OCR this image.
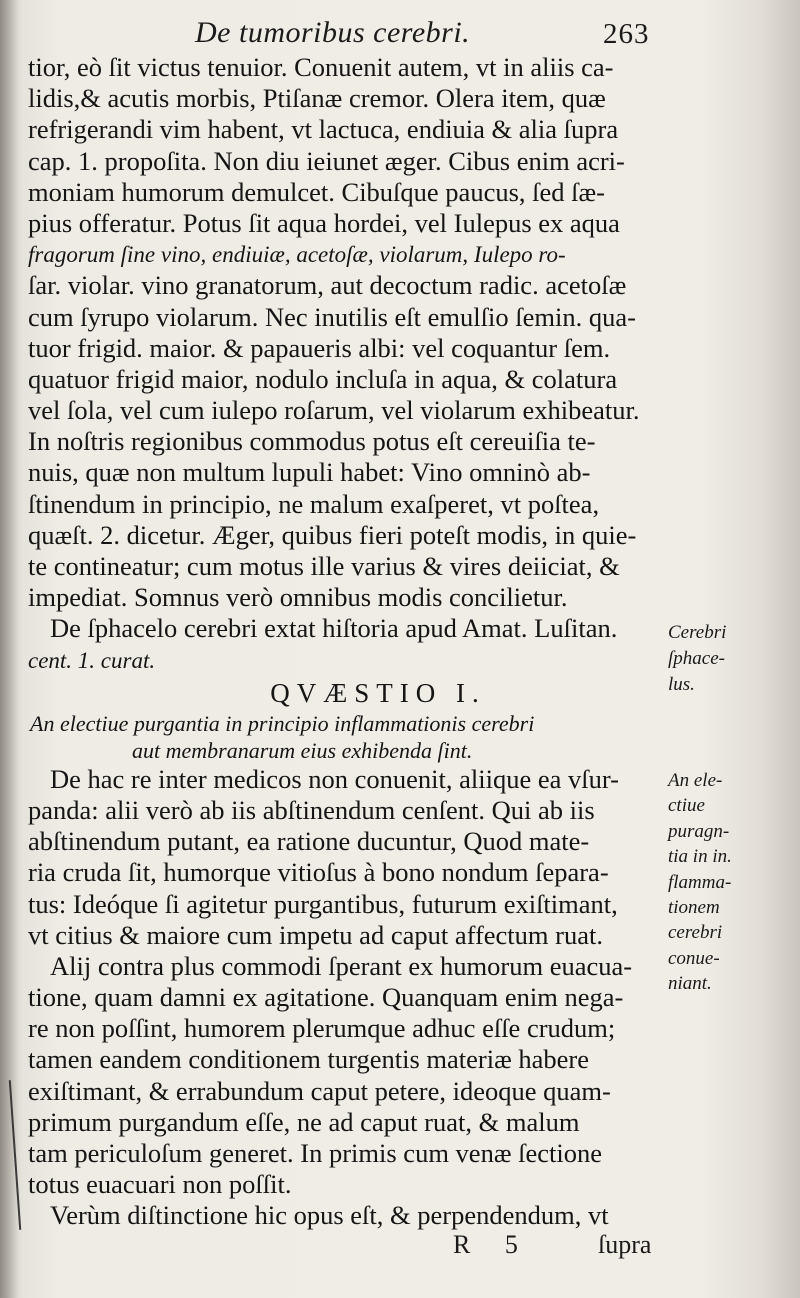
De tumoribus cerebri.	263
tior, eò ſit victus tenuior. Conuenit autem, vt in aliis ca-
lidis,& acutis morbis, Ptiſanæ cremor. Olera item, quæ
refrigerandi vim habent, vt lactuca, endiuia & alia ſupra
cap. 1. propoſita. Non diu ieiunet æger. Cibus enim acri-
moniam humorum demulcet. Cibuſque paucus, ſed ſæ-
pius offeratur. Potus ſit aqua hordei, vel Iulepus ex aqua
fragorum ſine vino, endiuiæ, acetoſæ, violarum, Iulepo ro-
ſar. violar. vino granatorum, aut decoctum radic. acetoſæ
cum ſyrupo violarum. Nec inutilis eſt emulſio ſemin. qua-
tuor frigid. maior. & papaueris albi: vel coquantur ſem.
quatuor frigid maior, nodulo incluſa in aqua, & colatura
vel ſola, vel cum iulepo roſarum, vel violarum exhibeatur.
In noſtris regionibus commodus potus eſt cereuiſia te-
nuis, quæ non multum lupuli habet: Vino omninò ab-
ſtinendum in principio, ne malum exaſperet, vt poſtea,
quæſt. 2. dicetur. Æger, quibus fieri poteſt modis, in quie-
te contineatur; cum motus ille varius & vires deiiciat, &
impediat. Somnus verò omnibus modis concilietur.
De ſphacelo cerebri extat hiſtoria apud Amat. Luſitan.
cent. 1. curat.
QVÆSTIO I.
An electiue purgantia in principio inflammationis cerebri
aut membranarum eius exhibenda ſint.
De hac re inter medicos non conuenit, aliique ea vſur-
panda: alii verò ab iis abſtinendum cenſent. Qui ab iis
abſtinendum putant, ea ratione ducuntur, Quod mate-
ria cruda ſit, humorque vitioſus à bono nondum ſepara-
tus: Ideóque ſi agitetur purgantibus, futurum exiſtimant,
vt citius & maiore cum impetu ad caput affectum ruat.
Alij contra plus commodi ſperant ex humorum euacua-
tione, quam damni ex agitatione. Quanquam enim nega-
re non poſſint, humorem plerumque adhuc eſſe crudum;
tamen eandem conditionem turgentis materiæ habere
exiſtimant, & errabundum caput petere, ideoque quam-
primum purgandum eſſe, ne ad caput ruat, & malum
tam periculoſum generet. In primis cum venæ ſectione
totus euacuari non poſſit.
Verùm diſtinctione hic opus eſt, & perpendendum, vt
Cerebri
ſphace-
lus.
An ele-
ctiue
puragn-
tia in in.
flamma-
tionem
cerebri
conue-
niant.
R 5	ſupra
